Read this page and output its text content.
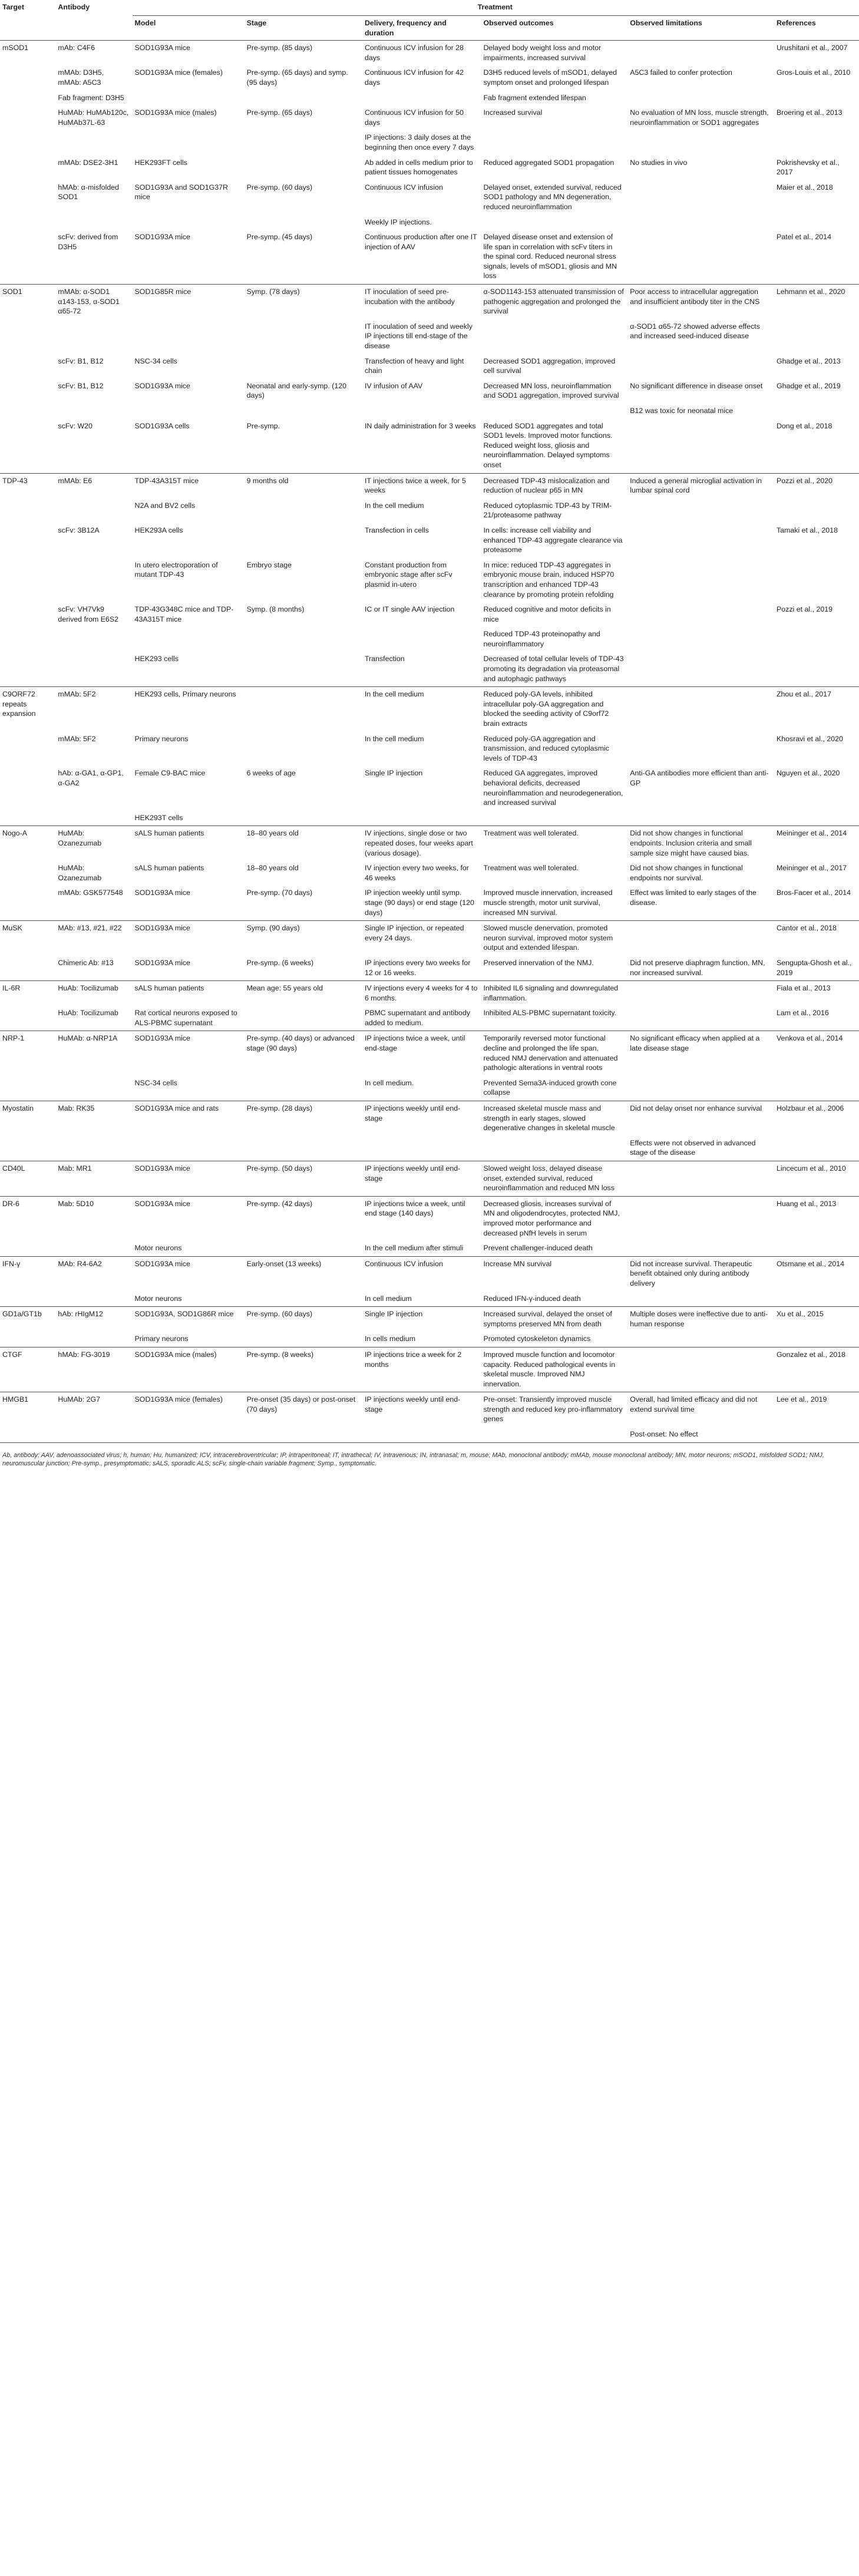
Target	Antibody	Treatment					
		Model	Stage	Delivery, frequency and duration	Observed outcomes	Observed limitations	References
mSOD1	mAb: C4F6	SOD1G93A mice	Pre-symp. (85 days)	Continuous ICV infusion for 28 days	Delayed body weight loss and motor impairments, increased survival		Urushitani et al., 2007
	mMAb: D3H5, mMAb: A5C3	SOD1G93A mice (females)	Pre-symp. (65 days) and symp. (95 days)	Continuous ICV infusion for 42 days	D3H5 reduced levels of mSOD1, delayed symptom onset and prolonged lifespan	A5C3 failed to confer protection	Gros-Louis et al., 2010
	Fab fragment: D3H5				Fab fragment extended lifespan		
	HuMAb: HuMAb120c, HuMAb37L-63	SOD1G93A mice (males)	Pre-symp. (65 days)	Continuous ICV infusion for 50 days	Increased survival	No evaluation of MN loss, muscle strength, neuroinflammation or SOD1 aggregates	Broering et al., 2013
				IP injections: 3 daily doses at the beginning then once every 7 days			
	mMAb: DSE2-3H1	HEK293FT cells		Ab added in cells medium prior to patient tissues homogenates	Reduced aggregated SOD1 propagation	No studies in vivo	Pokrishevsky et al., 2017
	hMAb: α-misfolded SOD1	SOD1G93A and SOD1G37R mice	Pre-symp. (60 days)	Continuous ICV infusion	Delayed onset, extended survival, reduced SOD1 pathology and MN degeneration, reduced neuroinflammation		Maier et al., 2018
				Weekly IP injections.			
	scFv: derived from D3H5	SOD1G93A mice	Pre-symp. (45 days)	Continuous production after one IT injection of AAV	Delayed disease onset and extension of life span in correlation with scFv titers in the spinal cord. Reduced neuronal stress signals, levels of mSOD1, gliosis and MN loss		Patel et al., 2014
SOD1	mMAb: α-SOD1 α143-153, α-SOD1 α65-72	SOD1G85R mice	Symp. (78 days)	IT inoculation of seed pre-incubation with the antibody	α-SOD1143-153 attenuated transmission of pathogenic aggregation and prolonged the survival	Poor access to intracellular aggregation and insufficient antibody titer in the CNS	Lehmann et al., 2020
				IT inoculation of seed and weekly IP injections till end-stage of the disease		α-SOD1 α65-72 showed adverse effects and increased seed-induced disease	
	scFv: B1, B12	NSC-34 cells		Transfection of heavy and light chain	Decreased SOD1 aggregation, improved cell survival		Ghadge et al., 2013
	scFv: B1, B12	SOD1G93A mice	Neonatal and early-symp. (120 days)	IV infusion of AAV	Decreased MN loss, neuroinflammation and SOD1 aggregation, improved survival	No significant difference in disease onset	Ghadge et al., 2019
						B12 was toxic for neonatal mice	
	scFv: W20	SOD1G93A cells	Pre-symp.	IN daily administration for 3 weeks	Reduced SOD1 aggregates and total SOD1 levels. Improved motor functions. Reduced weight loss, gliosis and neuroinflammation. Delayed symptoms onset		Dong et al., 2018
TDP-43	mMAb: E6	TDP-43A315T mice	9 months old	IT injections twice a week, for 5 weeks	Decreased TDP-43 mislocalization and reduction of nuclear p65 in MN	Induced a general microglial activation in lumbar spinal cord	Pozzi et al., 2020
		N2A and BV2 cells		In the cell medium	Reduced cytoplasmic TDP-43 by TRIM-21/proteasome pathway		
	scFv: 3B12A	HEK293A cells		Transfection in cells	In cells: increase cell viability and enhanced TDP-43 aggregate clearance via proteasome		Tamaki et al., 2018
		In utero electroporation of mutant TDP-43	Embryo stage	Constant production from embryonic stage after scFv plasmid in-utero	In mice: reduced TDP-43 aggregates in embryonic mouse brain, induced HSP70 transcription and enhanced TDP-43 clearance by promoting protein refolding		
	scFv: VH7Vk9 derived from E6S2	TDP-43G348C mice and TDP-43A315T mice	Symp. (8 months)	IC or IT single AAV injection	Reduced cognitive and motor deficits in mice		Pozzi et al., 2019
					Reduced TDP-43 proteinopathy and neuroinflammatory		
		HEK293 cells		Transfection	Decreased of total cellular levels of TDP-43 promoting its degradation via proteasomal and autophagic pathways		
C9ORF72 repeats expansion	mMAb: 5F2	HEK293 cells, Primary neurons		In the cell medium	Reduced poly-GA levels, inhibited intracellular poly-GA aggregation and blocked the seeding activity of C9orf72 brain extracts		Zhou et al., 2017
	mMAb: 5F2	Primary neurons		In the cell medium	Reduced poly-GA aggregation and transmission, and reduced cytoplasmic levels of TDP-43		Khosravi et al., 2020
	hAb: α-GA1, α-GP1, α-GA2	Female C9-BAC mice	6 weeks of age	Single IP injection	Reduced GA aggregates, improved behavioral deficits, decreased neuroinflammation and neurodegeneration, and increased survival	Anti-GA antibodies more efficient than anti-GP	Nguyen et al., 2020
		HEK293T cells					
Nogo-A	HuMAb: Ozanezumab	sALS human patients	18–80 years old	IV injections, single dose or two repeated doses, four weeks apart (various dosage).	Treatment was well tolerated.	Did not show changes in functional endpoints. Inclusion criteria and small sample size might have caused bias.	Meininger et al., 2014
	HuMAb: Ozanezumab	sALS human patients	18–80 years old	IV injection every two weeks, for 46 weeks	Treatment was well tolerated.	Did not show changes in functional endpoints nor survival.	Meininger et al., 2017
	mMAb: GSK577548	SOD1G93A mice	Pre-symp. (70 days)	IP injection weekly until symp. stage (90 days) or end stage (120 days)	Improved muscle innervation, increased muscle strength, motor unit survival, increased MN survival.	Effect was limited to early stages of the disease.	Bros-Facer et al., 2014
MuSK	MAb: #13, #21, #22	SOD1G93A mice	Symp. (90 days)	Single IP injection, or repeated every 24 days.	Slowed muscle denervation, promoted neuron survival, improved motor system output and extended lifespan.		Cantor et al., 2018
	Chimeric Ab: #13	SOD1G93A mice	Pre-symp. (6 weeks)	IP injections every two weeks for 12 or 16 weeks.	Preserved innervation of the NMJ.	Did not preserve diaphragm function, MN, nor increased survival.	Sengupta-Ghosh et al., 2019
IL-6R	HuAb: Tocilizumab	sALS human patients	Mean age: 55 years old	IV injections every 4 weeks for 4 to 6 months.	Inhibited IL6 signaling and downregulated inflammation.		Fiala et al., 2013
	HuAb: Tocilizumab	Rat cortical neurons exposed to ALS-PBMC supernatant		PBMC supernatant and antibody added to medium.	Inhibited ALS-PBMC supernatant toxicity.		Lam et al., 2016
NRP-1	HuMAb: α-NRP1A	SOD1G93A mice	Pre-symp. (40 days) or advanced stage (90 days)	IP injections twice a week, until end-stage	Temporarily reversed motor functional decline and prolonged the life span, reduced NMJ denervation and attenuated pathologic alterations in ventral roots	No significant efficacy when applied at a late disease stage	Venkova et al., 2014
		NSC-34 cells		In cell medium.	Prevented Sema3A-induced growth cone collapse		
Myostatin	Mab: RK35	SOD1G93A mice and rats	Pre-symp. (28 days)	IP injections weekly until end-stage	Increased skeletal muscle mass and strength in early stages, slowed degenerative changes in skeletal muscle	Did not delay onset nor enhance survival	Holzbaur et al., 2006
						Effects were not observed in advanced stage of the disease	
CD40L	Mab: MR1	SOD1G93A mice	Pre-symp. (50 days)	IP injections weekly until end-stage	Slowed weight loss, delayed disease onset, extended survival, reduced neuroinflammation and reduced MN loss		Lincecum et al., 2010
DR-6	Mab: 5D10	SOD1G93A mice	Pre-symp. (42 days)	IP injections twice a week, until end stage (140 days)	Decreased gliosis, increases survival of MN and oligodendrocytes, protected NMJ, improved motor performance and decreased pNfH levels in serum		Huang et al., 2013
		Motor neurons		In the cell medium after stimuli	Prevent challenger-induced death		
IFN-γ	MAb: R4-6A2	SOD1G93A mice	Early-onset (13 weeks)	Continuous ICV infusion	Increase MN survival	Did not increase survival. Therapeutic benefit obtained only during antibody delivery	Otsmane et al., 2014
		Motor neurons		In cell medium	Reduced IFN-γ-induced death		
GD1a/GT1b	hAb: rHIgM12	SOD1G93A, SOD1G86R mice	Pre-symp. (60 days)	Single IP injection	Increased survival, delayed the onset of symptoms preserved MN from death	Multiple doses were ineffective due to anti-human response	Xu et al., 2015
		Primary neurons		In cells medium	Promoted cytoskeleton dynamics		
CTGF	hMAb: FG-3019	SOD1G93A mice (males)	Pre-symp. (8 weeks)	IP injections trice a week for 2 months	Improved muscle function and locomotor capacity. Reduced pathological events in skeletal muscle. Improved NMJ innervation.		Gonzalez et al., 2018
HMGB1	HuMAb: 2G7	SOD1G93A mice (females)	Pre-onset (35 days) or post-onset (70 days)	IP injections weekly until end-stage	Pre-onset: Transiently improved muscle strength and reduced key pro-inflammatory genes	Overall, had limited efficacy and did not extend survival time	Lee et al., 2019
						Post-onset: No effect	
Ab, antibody; AAV, adenoassociated virus; h, human; Hu, humanized; ICV, intracerebroventricular; IP, intraperitoneal; IT, intrathecal; IV, intravenous; IN, intranasal; m, mouse; MAb, monoclonal antibody; mMAb, mouse monoclonal antibody; MN, motor neurons; mSOD1, misfolded SOD1; NMJ, neuromuscular junction; Pre-symp., presymptomatic; sALS, sporadic ALS; scFv, single-chain variable fragment; Symp., symptomatic.
